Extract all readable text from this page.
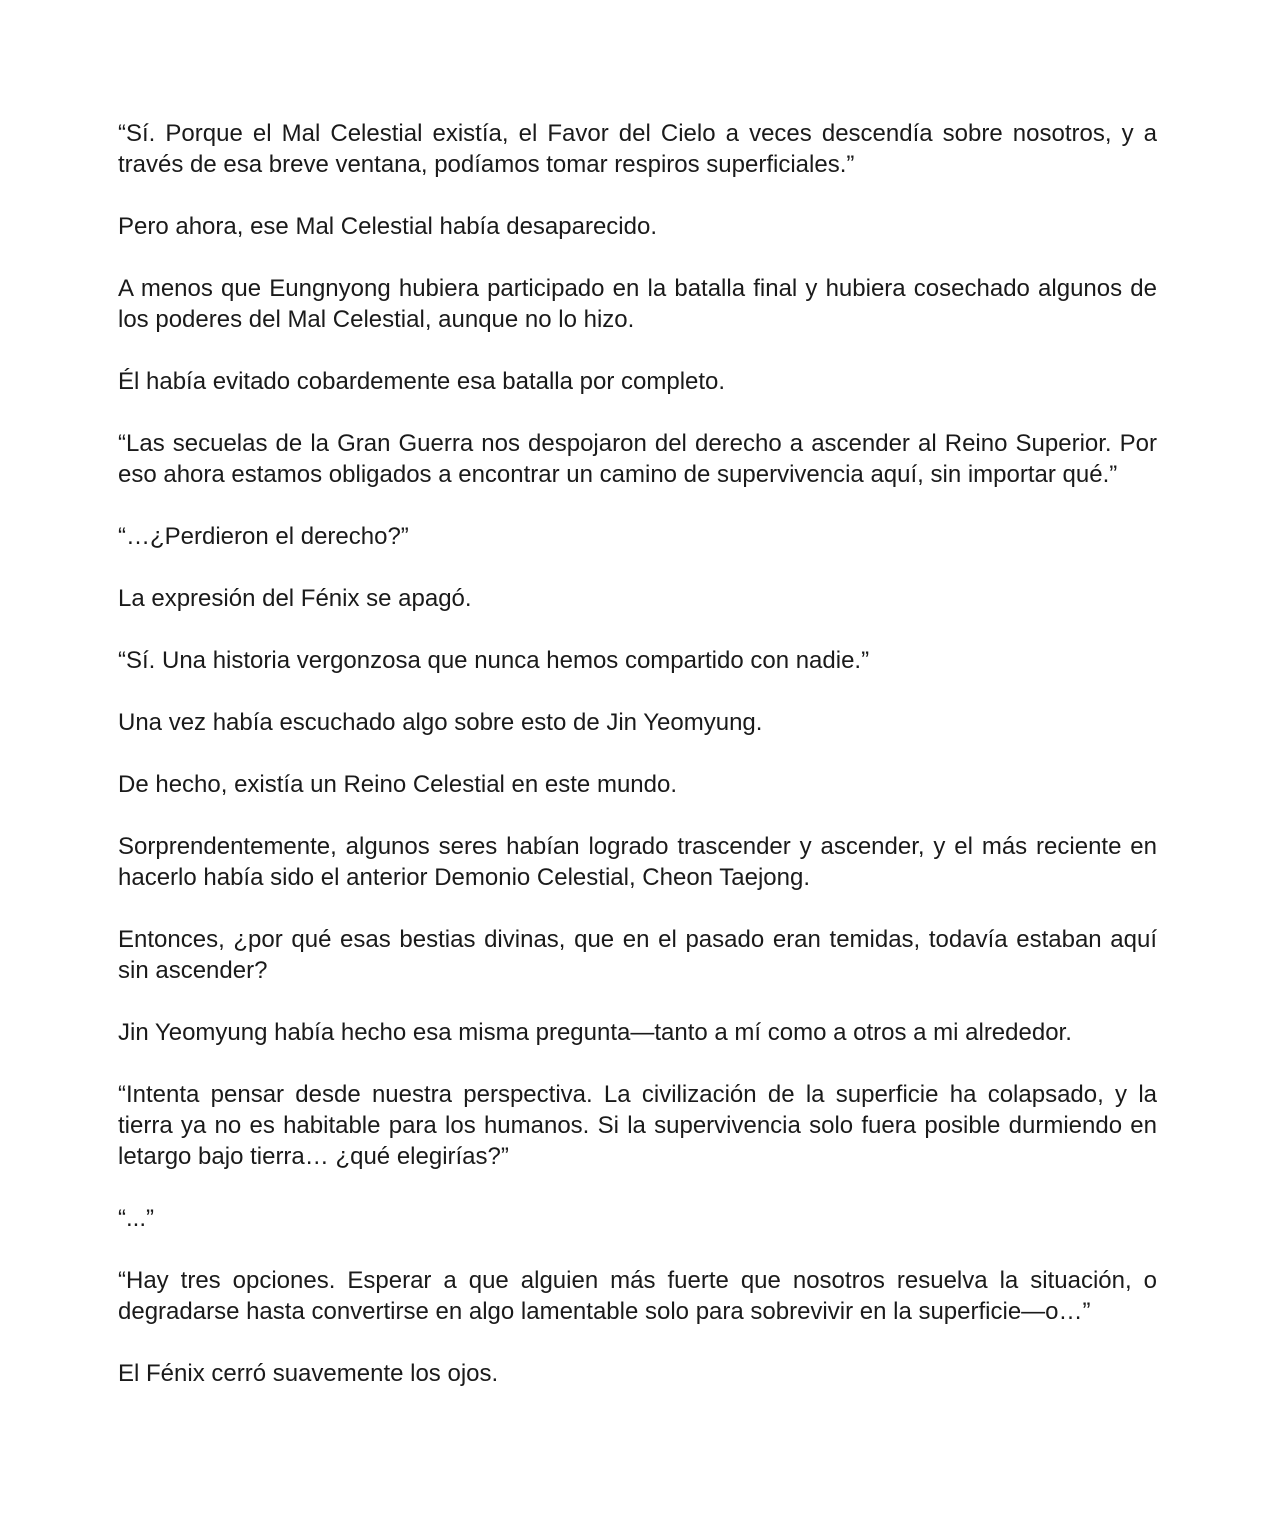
“Sí. Porque el Mal Celestial existía, el Favor del Cielo a veces descendía sobre nosotros, y a través de esa breve ventana, podíamos tomar respiros superficiales.”

Pero ahora, ese Mal Celestial había desaparecido.

A menos que Eungnyong hubiera participado en la batalla final y hubiera cosechado algunos de los poderes del Mal Celestial, aunque no lo hizo.

Él había evitado cobardemente esa batalla por completo.

“Las secuelas de la Gran Guerra nos despojaron del derecho a ascender al Reino Superior. Por eso ahora estamos obligados a encontrar un camino de supervivencia aquí, sin importar qué.”

“…¿Perdieron el derecho?”

La expresión del Fénix se apagó.

“Sí. Una historia vergonzosa que nunca hemos compartido con nadie.”

Una vez había escuchado algo sobre esto de Jin Yeomyung.

De hecho, existía un Reino Celestial en este mundo.

Sorprendentemente, algunos seres habían logrado trascender y ascender, y el más reciente en hacerlo había sido el anterior Demonio Celestial, Cheon Taejong.

Entonces, ¿por qué esas bestias divinas, que en el pasado eran temidas, todavía estaban aquí sin ascender?

Jin Yeomyung había hecho esa misma pregunta—tanto a mí como a otros a mi alrededor.

“Intenta pensar desde nuestra perspectiva. La civilización de la superficie ha colapsado, y la tierra ya no es habitable para los humanos. Si la supervivencia solo fuera posible durmiendo en letargo bajo tierra… ¿qué elegirías?”

“...”

“Hay tres opciones. Esperar a que alguien más fuerte que nosotros resuelva la situación, o degradarse hasta convertirse en algo lamentable solo para sobrevivir en la superficie—o…”

El Fénix cerró suavemente los ojos.
